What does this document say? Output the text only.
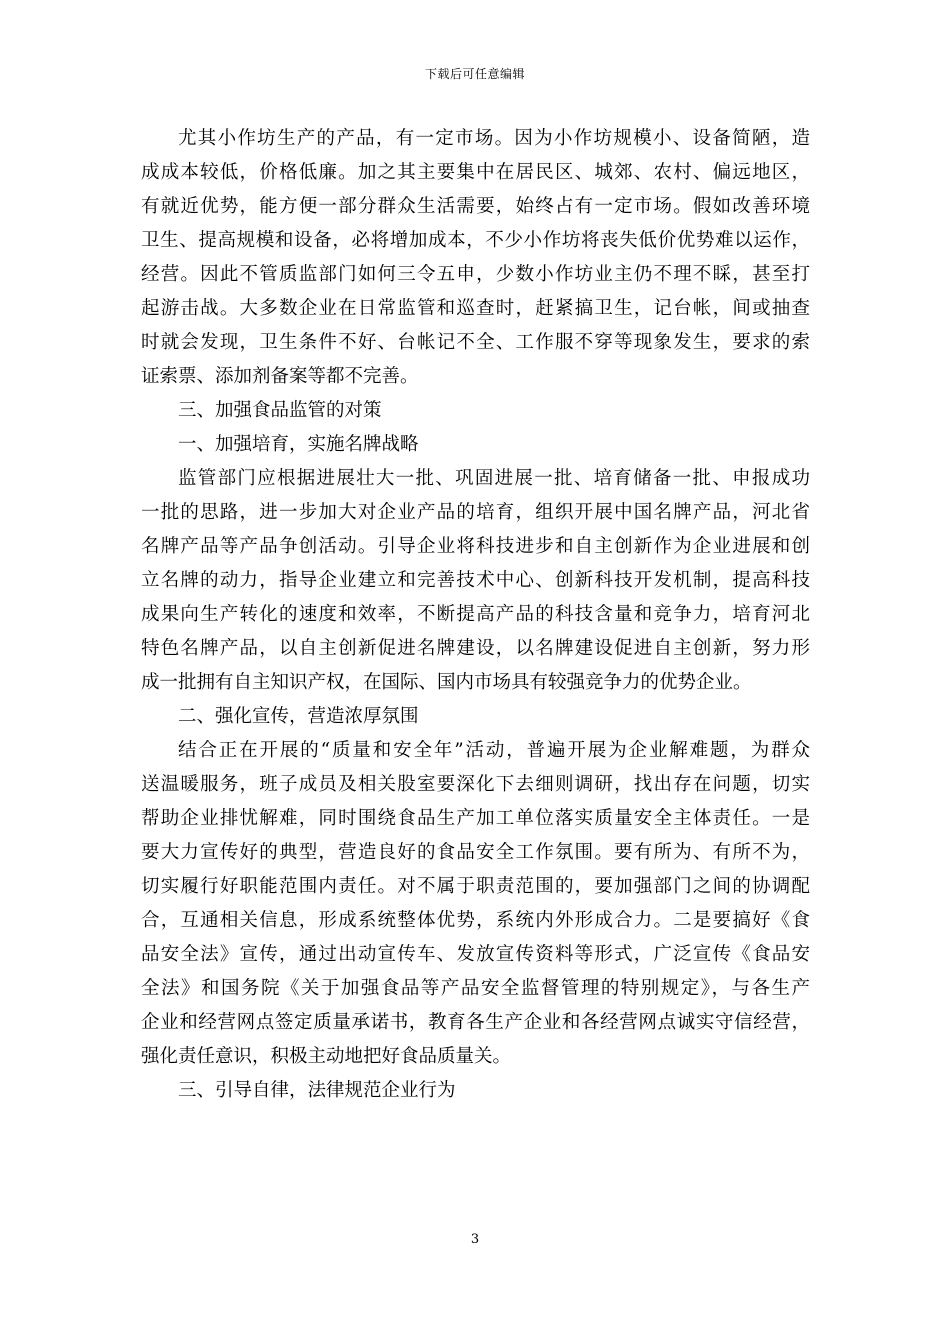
下载后可任意编辑
尤其小作坊生产的产品，有一定市场。因为小作坊规模小、设备简陋，造
成成本较低，价格低廉。加之其主要集中在居民区、城郊、农村、偏远地区，
有就近优势，能方便一部分群众生活需要，始终占有一定市场。假如改善环境
卫生、提高规模和设备，必将增加成本，不少小作坊将丧失低价优势难以运作，
经营。因此不管质监部门如何三令五申，少数小作坊业主仍不理不睬，甚至打
起游击战。大多数企业在日常监管和巡查时，赶紧搞卫生，记台帐，间或抽查
时就会发现，卫生条件不好、台帐记不全、工作服不穿等现象发生，要求的索
证索票、添加剂备案等都不完善。
三、加强食品监管的对策
一、加强培育，实施名牌战略
监管部门应根据进展壮大一批、巩固进展一批、培育储备一批、申报成功
一批的思路，进一步加大对企业产品的培育，组织开展中国名牌产品，河北省
名牌产品等产品争创活动。引导企业将科技进步和自主创新作为企业进展和创
立名牌的动力，指导企业建立和完善技术中心、创新科技开发机制，提高科技
成果向生产转化的速度和效率，不断提高产品的科技含量和竞争力，培育河北
特色名牌产品，以自主创新促进名牌建设，以名牌建设促进自主创新，努力形
成一批拥有自主知识产权，在国际、国内市场具有较强竞争力的优势企业。
二、强化宣传，营造浓厚氛围
结合正在开展的“质量和安全年”活动，普遍开展为企业解难题，为群众
送温暖服务，班子成员及相关股室要深化下去细则调研，找出存在问题，切实
帮助企业排忧解难，同时围绕食品生产加工单位落实质量安全主体责任。一是
要大力宣传好的典型，营造良好的食品安全工作氛围。要有所为、有所不为，
切实履行好职能范围内责任。对不属于职责范围的，要加强部门之间的协调配
合，互通相关信息，形成系统整体优势，系统内外形成合力。二是要搞好《食
品安全法》宣传，通过出动宣传车、发放宣传资料等形式，广泛宣传《食品安
全法》和国务院《关于加强食品等产品安全监督管理的特别规定》，与各生产
企业和经营网点签定质量承诺书，教育各生产企业和各经营网点诚实守信经营，
强化责任意识，积极主动地把好食品质量关。
三、引导自律，法律规范企业行为
3
